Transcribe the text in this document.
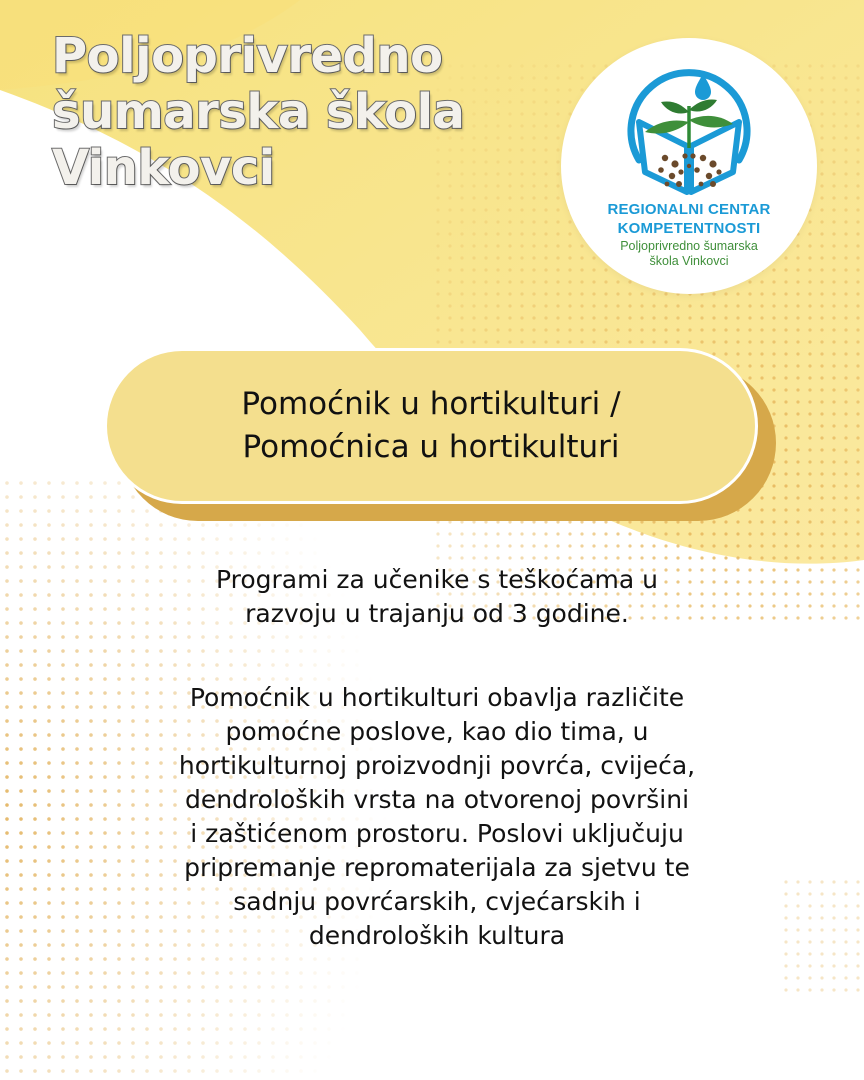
Poljoprivredno
šumarska škola
Vinkovci
REGIONALNI CENTAR
KOMPETENTNOSTI
Poljoprivredno šumarska
škola Vinkovci
Pomoćnik u hortikulturi /
Pomoćnica u hortikulturi
Programi za učenike s teškoćama u
razvoju u trajanju od 3 godine.
Pomoćnik u hortikulturi obavlja različite
pomoćne poslove, kao dio tima, u
hortikulturnoj proizvodnji povrća, cvijeća,
dendroloških vrsta na otvorenoj površini
i zaštićenom prostoru. Poslovi uključuju
pripremanje repromaterijala za sjetvu te
sadnju povrćarskih, cvjećarskih i
dendroloških kultura
